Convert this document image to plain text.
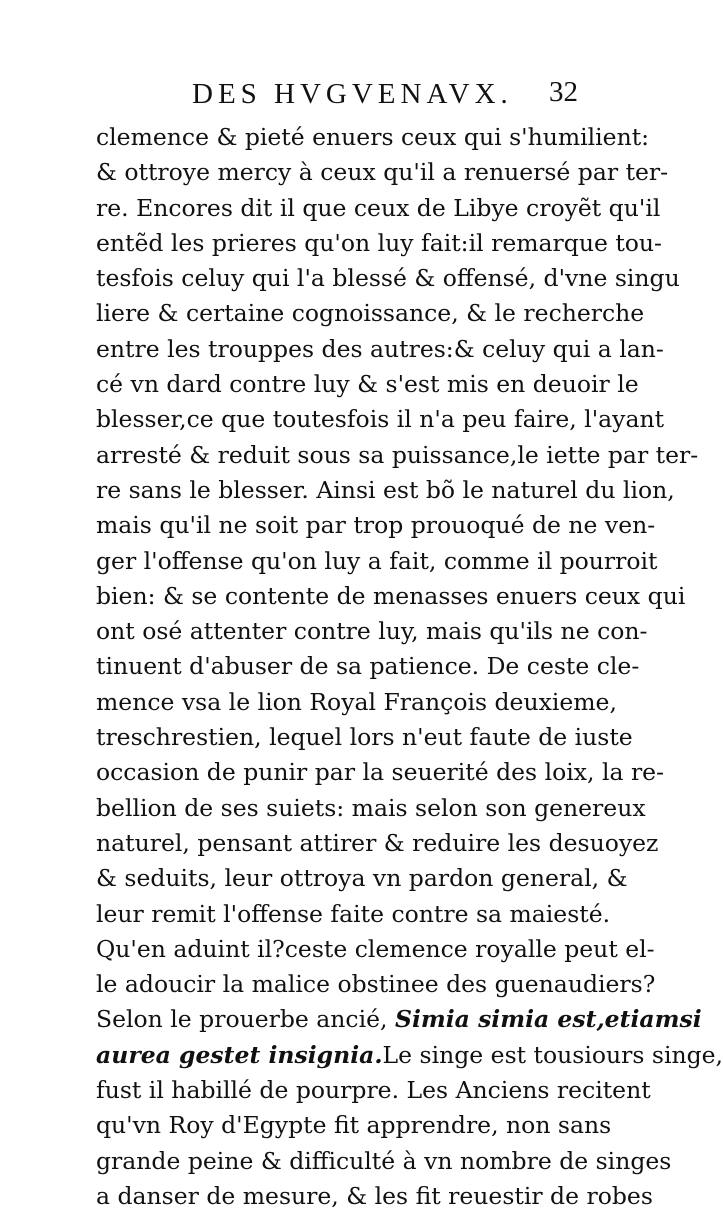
DES HVGVENAVX. 32
clemence & pieté enuers ceux qui s'humilient:
& ottroye mercy à ceux qu'il a renuersé par ter-
re. Encores dit il que ceux de Libye croyẽt qu'il
entẽd les prieres qu'on luy fait:il remarque tou-
tesfois celuy qui l'a blessé & offensé, d'vne singu
liere & certaine cognoissance, & le recherche
entre les trouppes des autres:& celuy qui a lan-
cé vn dard contre luy & s'est mis en deuoir le
blesser,ce que toutesfois il n'a peu faire, l'ayant
arresté & reduit sous sa puissance,le iette par ter-
re sans le blesser. Ainsi est bõ le naturel du lion,
mais qu'il ne soit par trop prouoqué de ne ven-
ger l'offense qu'on luy a fait, comme il pourroit
bien: & se contente de menasses enuers ceux qui
ont osé attenter contre luy, mais qu'ils ne con-
tinuent d'abuser de sa patience. De ceste cle-
mence vsa le lion Royal François deuxieme,
treschrestien, lequel lors n'eut faute de iuste
occasion de punir par la seuerité des loix, la re-
bellion de ses suiets: mais selon son genereux
naturel, pensant attirer & reduire les desuoyez
& seduits, leur ottroya vn pardon general, &
leur remit l'offense faite contre sa maiesté.
Qu'en aduint il?ceste clemence royalle peut el-
le adoucir la malice obstinee des guenaudiers?
Selon le prouerbe ancié, Simia simia est,etiamsi
aurea gestet insignia.Le singe est tousiours singe,
fust il habillé de pourpre. Les Anciens recitent
qu'vn Roy d'Egypte fit apprendre, non sans
grande peine & difficulté à vn nombre de singes
a danser de mesure, & les fit reuestir de robes
